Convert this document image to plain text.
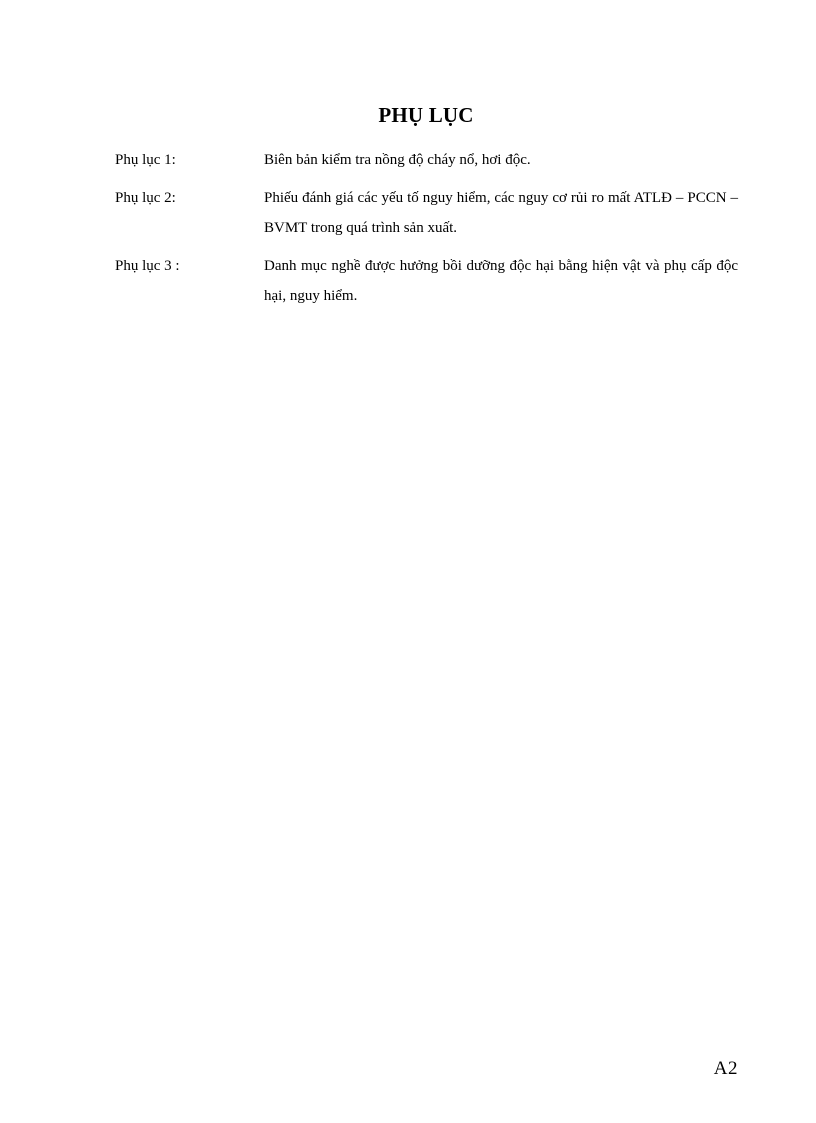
PHỤ LỤC
Phụ lục 1:	Biên bản kiểm tra nồng độ cháy nổ, hơi độc.
Phụ lục 2:	Phiếu đánh giá các yếu tố nguy hiểm, các nguy cơ rủi ro mất ATLĐ – PCCN – BVMT trong quá trình sản xuất.
Phụ lục 3 :	Danh mục nghề được hưởng bồi dưỡng độc hại bằng hiện vật và phụ cấp độc hại, nguy hiểm.
A2
